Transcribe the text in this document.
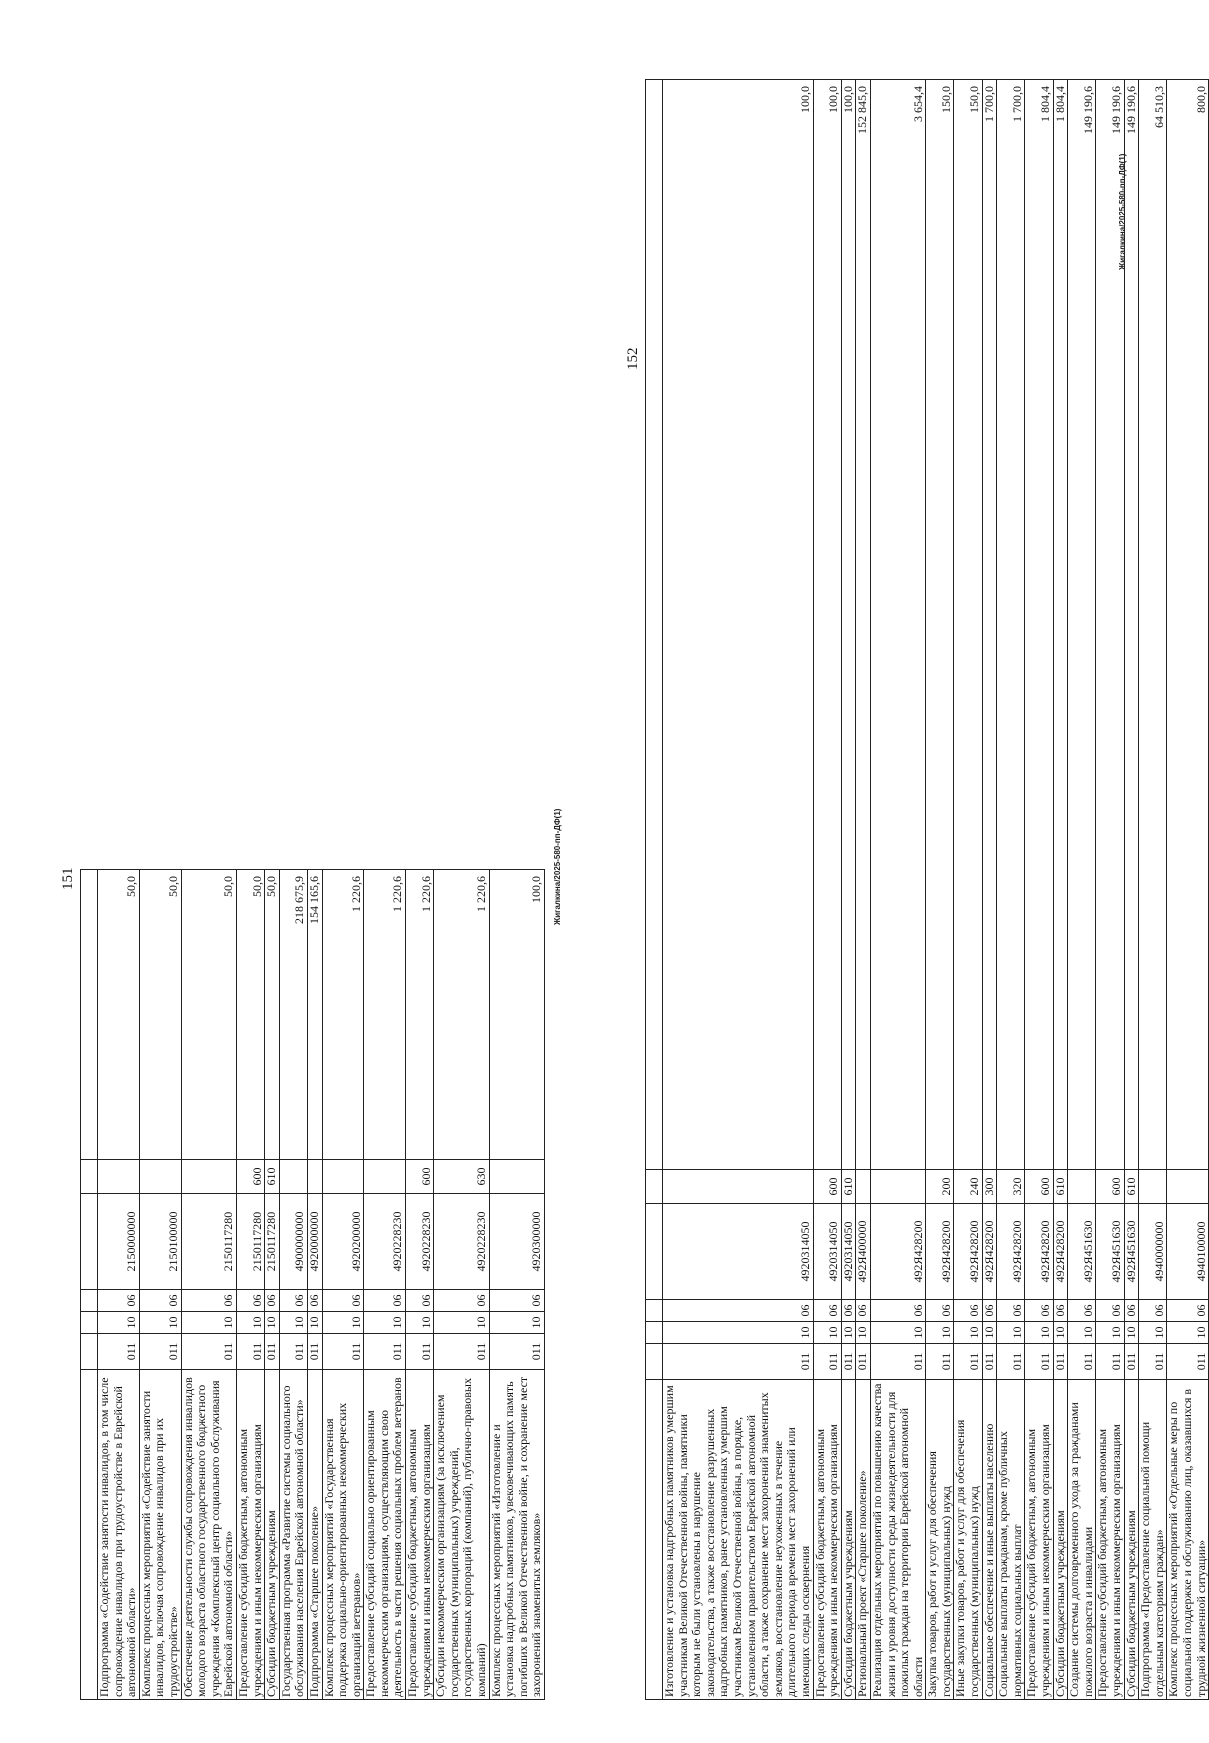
151

Подпрограмма «Содействие занятости инвалидов, в том числе сопровождение инвалидов при трудоустройстве в Еврейской автономной области»	011	10	06	2150000000		50,0
Комплекс процессных мероприятий «Содействие занятости инвалидов, включая сопровождение инвалидов при их трудоустройстве»	011	10	06	2150100000		50,0
Обеспечение деятельности службы сопровождения инвалидов молодого возраста областного государственного бюджетного учреждения «Комплексный центр социального обслуживания Еврейской автономной области»	011	10	06	2150117280		50,0
Предоставление субсидий бюджетным, автономным учреждениям и иным некоммерческим организациям	011	10	06	2150117280	600	50,0
Субсидии бюджетным учреждениям	011	10	06	2150117280	610	50,0
Государственная программа «Развитие системы социального обслуживания населения Еврейской автономной области»	011	10	06	4900000000		218 675,9
Подпрограмма «Старшее поколение»	011	10	06	4920000000		154 165,6
Комплекс процессных мероприятий «Государственная поддержка социально-ориентированных некоммерческих организаций ветеранов»	011	10	06	4920200000		1 220,6
Предоставление субсидий социально ориентированным некоммерческим организациям, осуществляющим свою деятельность в части решения социальных проблем ветеранов	011	10	06	4920228230		1 220,6
Предоставление субсидий бюджетным, автономным учреждениям и иным некоммерческим организациям	011	10	06	4920228230	600	1 220,6
Субсидии некоммерческим организациям (за исключением государственных (муниципальных) учреждений, государственных корпораций (компаний), публично-правовых компаний)	011	10	06	4920228230	630	1 220,6
Комплекс процессных мероприятий «Изготовление и установка надгробных памятников, увековечивающих память погибших в Великой Отечественной войне, и сохранение мест захоронений знаменитых земляков»	011	10	06	4920300000		100,0
152

Изготовление и установка надгробных памятников умершим участникам Великой Отечественной войны, памятники которым не были установлены в нарушение законодательства, а также восстановление разрушенных надгробных памятников, ранее установленных умершим участникам Великой Отечественной войны, в порядке, установленном правительством Еврейской автономной области, а также сохранение мест захоронений знаменитых земляков, восстановление неухоженных в течение длительного периода времени мест захоронений или имеющих следы осквернения	011	10	06	4920314050		100,0
Предоставление субсидий бюджетным, автономным учреждениям и иным некоммерческим организациям	011	10	06	4920314050	600	100,0
Субсидии бюджетным учреждениям	011	10	06	4920314050	610	100,0
Региональный проект «Старшее поколение»	011	10	06	492Я400000		152 845,0
Реализация отдельных мероприятий по повышению качества жизни и уровня доступности среды жизнедеятельности для пожилых граждан на территории Еврейской автономной области	011	10	06	492Я428200		3 654,4
Закупка товаров, работ и услуг для обеспечения государственных (муниципальных) нужд	011	10	06	492Я428200	200	150,0
Иные закупки товаров, работ и услуг для обеспечения государственных (муниципальных) нужд	011	10	06	492Я428200	240	150,0
Социальное обеспечение и иные выплаты населению	011	10	06	492Я428200	300	1 700,0
Социальные выплаты гражданам, кроме публичных нормативных социальных выплат	011	10	06	492Я428200	320	1 700,0
Предоставление субсидий бюджетным, автономным учреждениям и иным некоммерческим организациям	011	10	06	492Я428200	600	1 804,4
Субсидии бюджетным учреждениям	011	10	06	492Я428200	610	1 804,4
Создание системы долговременного ухода за гражданами пожилого возраста и инвалидами	011	10	06	492Я451630		149 190,6
Предоставление субсидий бюджетным, автономным учреждениям и иным некоммерческим организациям	011	10	06	492Я451630	600	149 190,6
Субсидии бюджетным учреждениям	011	10	06	492Я451630	610	149 190,6
Подпрограмма «Предоставление социальной помощи отдельным категориям граждан»	011	10	06	4940000000		64 510,3
Комплекс процессных мероприятий «Отдельные меры по социальной поддержке и обслуживанию лиц, оказавшихся в трудной жизненной ситуации»	011	10	06	4940100000		800,0
Жигалкина/2025-580-пп-ДФ(1)
Жигалкина/2025-580-пп-ДФ(1)
